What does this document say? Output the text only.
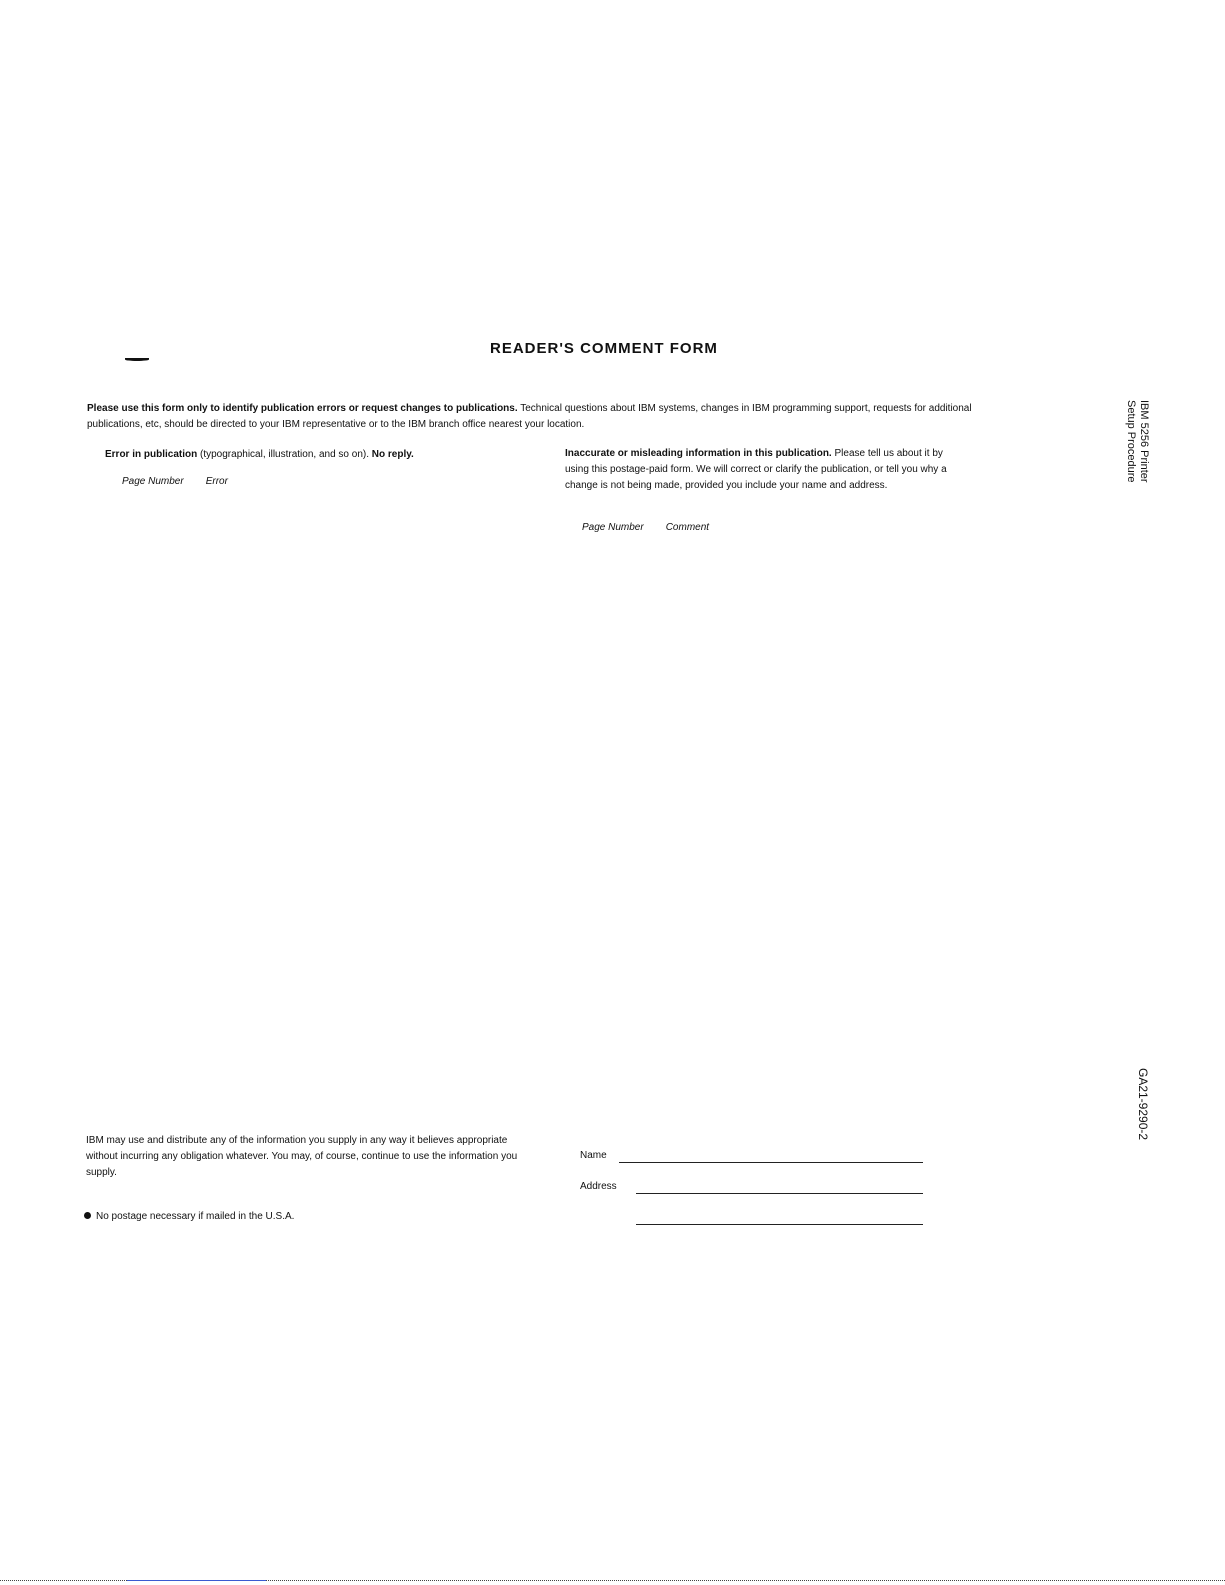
READER'S COMMENT FORM
Please use this form only to identify publication errors or request changes to publications. Technical questions about IBM systems, changes in IBM programming support, requests for additional publications, etc, should be directed to your IBM representative or to the IBM branch office nearest your location.
Error in publication (typographical, illustration, and so on). No reply.
Page Number Error
Inaccurate or misleading information in this publication. Please tell us about it by using this postage-paid form. We will correct or clarify the publication, or tell you why a change is not being made, provided you include your name and address.
Page Number Comment
IBM may use and distribute any of the information you supply in any way it believes appropriate without incurring any obligation whatever. You may, of course, continue to use the information you supply.
No postage necessary if mailed in the U.S.A.
Name
Address
IBM 5256 Printer
Setup Procedure
GA21-9290-2
